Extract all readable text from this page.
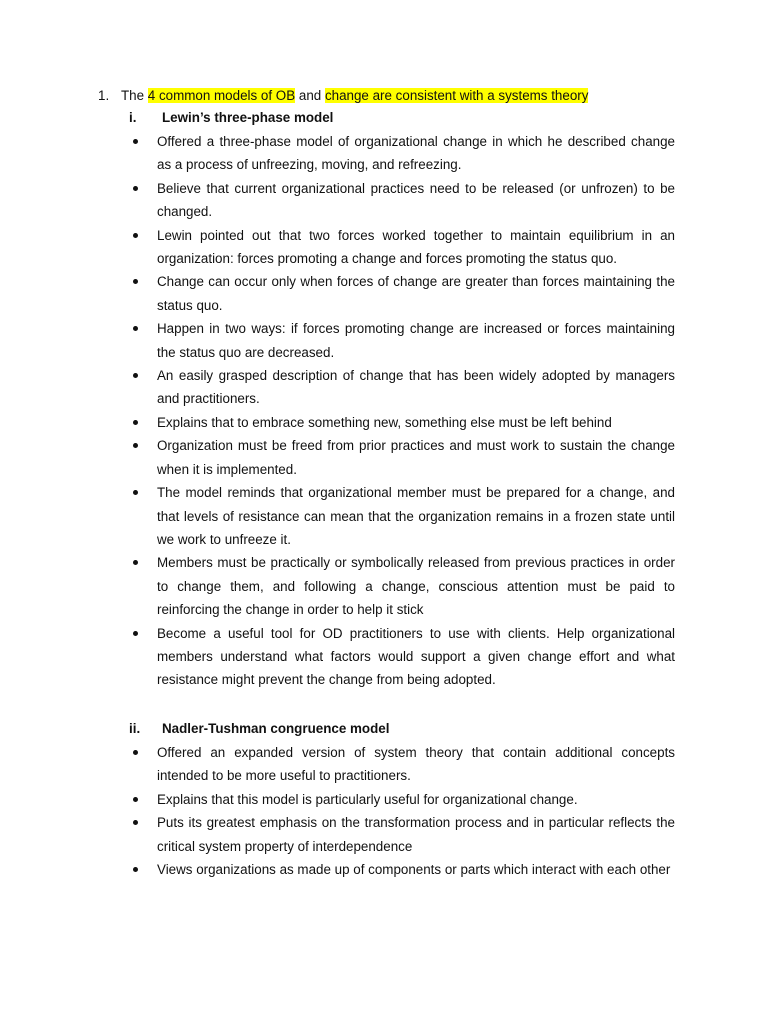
1. The 4 common models of OB and change are consistent with a systems theory
i. Lewin’s three-phase model
Offered a three-phase model of organizational change in which he described change as a process of unfreezing, moving, and refreezing.
Believe that current organizational practices need to be released (or unfrozen) to be changed.
Lewin pointed out that two forces worked together to maintain equilibrium in an organization: forces promoting a change and forces promoting the status quo.
Change can occur only when forces of change are greater than forces maintaining the status quo.
Happen in two ways: if forces promoting change are increased or forces maintaining the status quo are decreased.
An easily grasped description of change that has been widely adopted by managers and practitioners.
Explains that to embrace something new, something else must be left behind
Organization must be freed from prior practices and must work to sustain the change when it is implemented.
The model reminds that organizational member must be prepared for a change, and that levels of resistance can mean that the organization remains in a frozen state until we work to unfreeze it.
Members must be practically or symbolically released from previous practices in order to change them, and following a change, conscious attention must be paid to reinforcing the change in order to help it stick
Become a useful tool for OD practitioners to use with clients. Help organizational members understand what factors would support a given change effort and what resistance might prevent the change from being adopted.
ii. Nadler-Tushman congruence model
Offered an expanded version of system theory that contain additional concepts intended to be more useful to practitioners.
Explains that this model is particularly useful for organizational change.
Puts its greatest emphasis on the transformation process and in particular reflects the critical system property of interdependence
Views organizations as made up of components or parts which interact with each other
